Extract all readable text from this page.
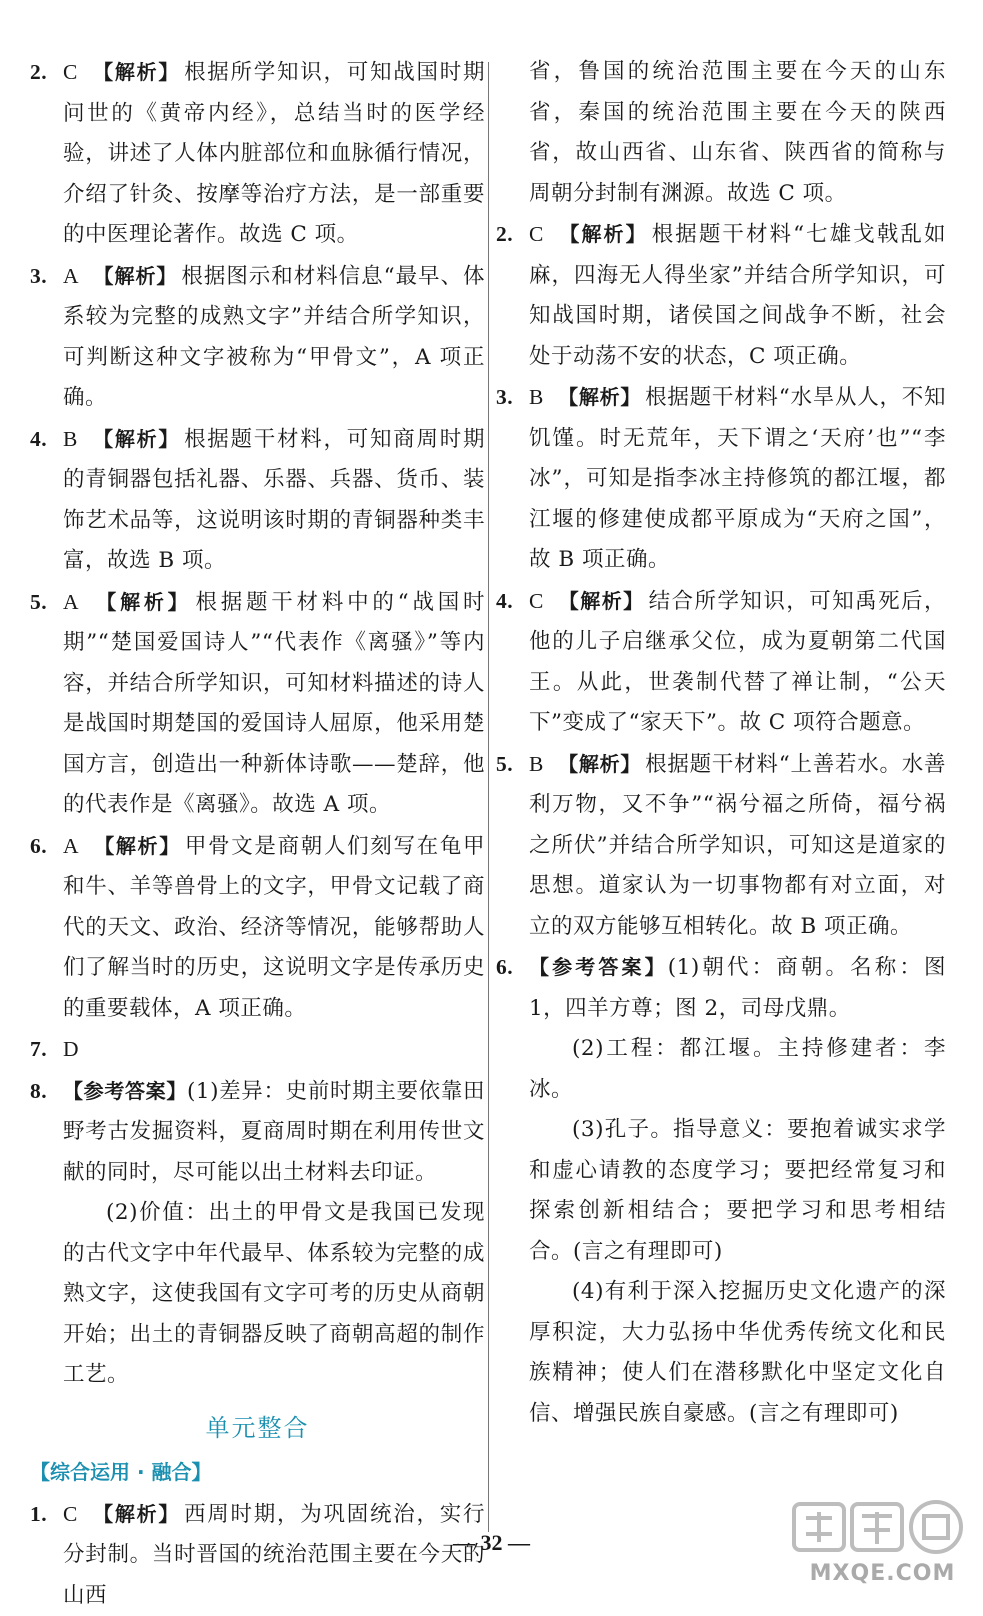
2. C 【解析】 根据所学知识，可知战国时期问世的《黄帝内经》，总结当时的医学经验，讲述了人体内脏部位和血脉循行情况，介绍了针灸、按摩等治疗方法，是一部重要的中医理论著作。故选 C 项。
3. A 【解析】 根据图示和材料信息“最早、体系较为完整的成熟文字”并结合所学知识，可判断这种文字被称为“甲骨文”，A 项正确。
4. B 【解析】 根据题干材料，可知商周时期的青铜器包括礼器、乐器、兵器、货币、装饰艺术品等，这说明该时期的青铜器种类丰富，故选 B 项。
5. A 【解析】 根据题干材料中的“战国时期”“楚国爱国诗人”“代表作《离骚》”等内容，并结合所学知识，可知材料描述的诗人是战国时期楚国的爱国诗人屈原，他采用楚国方言，创造出一种新体诗歌——楚辞，他的代表作是《离骚》。故选 A 项。
6. A 【解析】 甲骨文是商朝人们刻写在龟甲和牛、羊等兽骨上的文字，甲骨文记载了商代的天文、政治、经济等情况，能够帮助人们了解当时的历史，这说明文字是传承历史的重要载体，A 项正确。
7. D
8. 【参考答案】(1)差异：史前时期主要依靠田野考古发掘资料，夏商周时期在利用传世文献的同时，尽可能以出土材料去印证。
(2)价值：出土的甲骨文是我国已发现的古代文字中年代最早、体系较为完整的成熟文字，这使我国有文字可考的历史从商朝开始；出土的青铜器反映了商朝高超的制作工艺。
单元整合
【综合运用 · 融合】
1. C 【解析】 西周时期，为巩固统治，实行分封制。当时晋国的统治范围主要在今天的山西
省，鲁国的统治范围主要在今天的山东省，秦国的统治范围主要在今天的陕西省，故山西省、山东省、陕西省的简称与周朝分封制有渊源。故选 C 项。
2. C 【解析】 根据题干材料“七雄戈戟乱如麻，四海无人得坐家”并结合所学知识，可知战国时期，诸侯国之间战争不断，社会处于动荡不安的状态，C 项正确。
3. B 【解析】 根据题干材料“水旱从人，不知饥馑。时无荒年，天下谓之‘天府’也”“李冰”，可知是指李冰主持修筑的都江堰，都江堰的修建使成都平原成为“天府之国”，故 B 项正确。
4. C 【解析】 结合所学知识，可知禹死后，他的儿子启继承父位，成为夏朝第二代国王。从此，世袭制代替了禅让制，“公天下”变成了“家天下”。故 C 项符合题意。
5. B 【解析】 根据题干材料“上善若水。水善利万物，又不争”“祸兮福之所倚，福兮祸之所伏”并结合所学知识，可知这是道家的思想。道家认为一切事物都有对立面，对立的双方能够互相转化。故 B 项正确。
6. 【参考答案】(1)朝代：商朝。名称：图 1，四羊方尊；图 2，司母戊鼎。
(2)工程：都江堰。主持修建者：李冰。
(3)孔子。指导意义：要抱着诚实求学和虚心请教的态度学习；要把经常复习和探索创新相结合；要把学习和思考相结合。(言之有理即可)
(4)有利于深入挖掘历史文化遗产的深厚积淀，大力弘扬中华优秀传统文化和民族精神；使人们在潜移默化中坚定文化自信、增强民族自豪感。(言之有理即可)
— 32 —
MXQE.COM
